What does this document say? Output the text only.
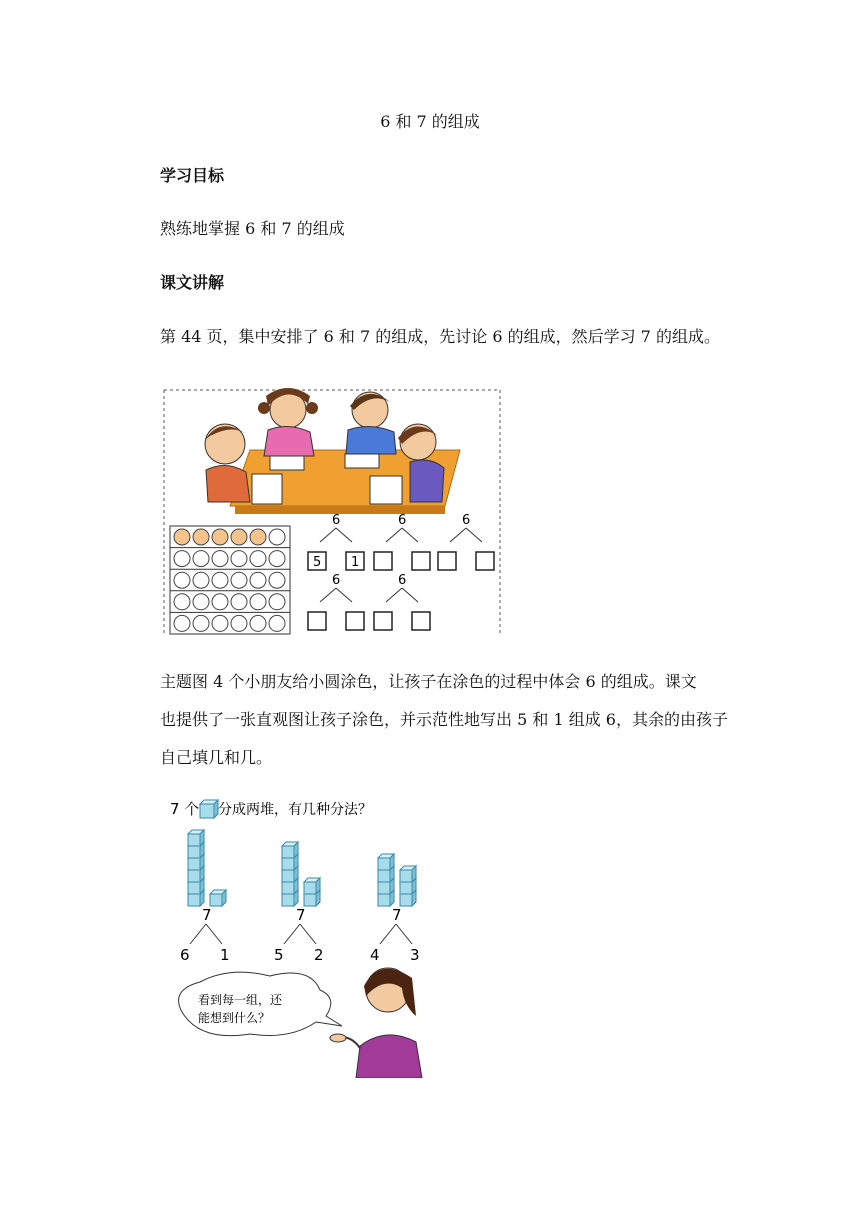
6 和 7 的组成
学习目标
熟练地掌握 6 和 7 的组成
课文讲解
第 44 页，集中安排了 6 和 7 的组成，先讨论 6 的组成，然后学习 7 的组成。
6
5 1
6	6
6	6
主题图 4 个小朋友给小圆涂色，让孩子在涂色的过程中体会 6 的组成。课文
也提供了一张直观图让孩子涂色，并示范性地写出 5 和 1 组成 6，其余的由孩子
自己填几和几。
7 个 分成两堆，有几种分法？
7
6 1
7
5 2
7
4 3
看到每一组，还
能想到什么？
